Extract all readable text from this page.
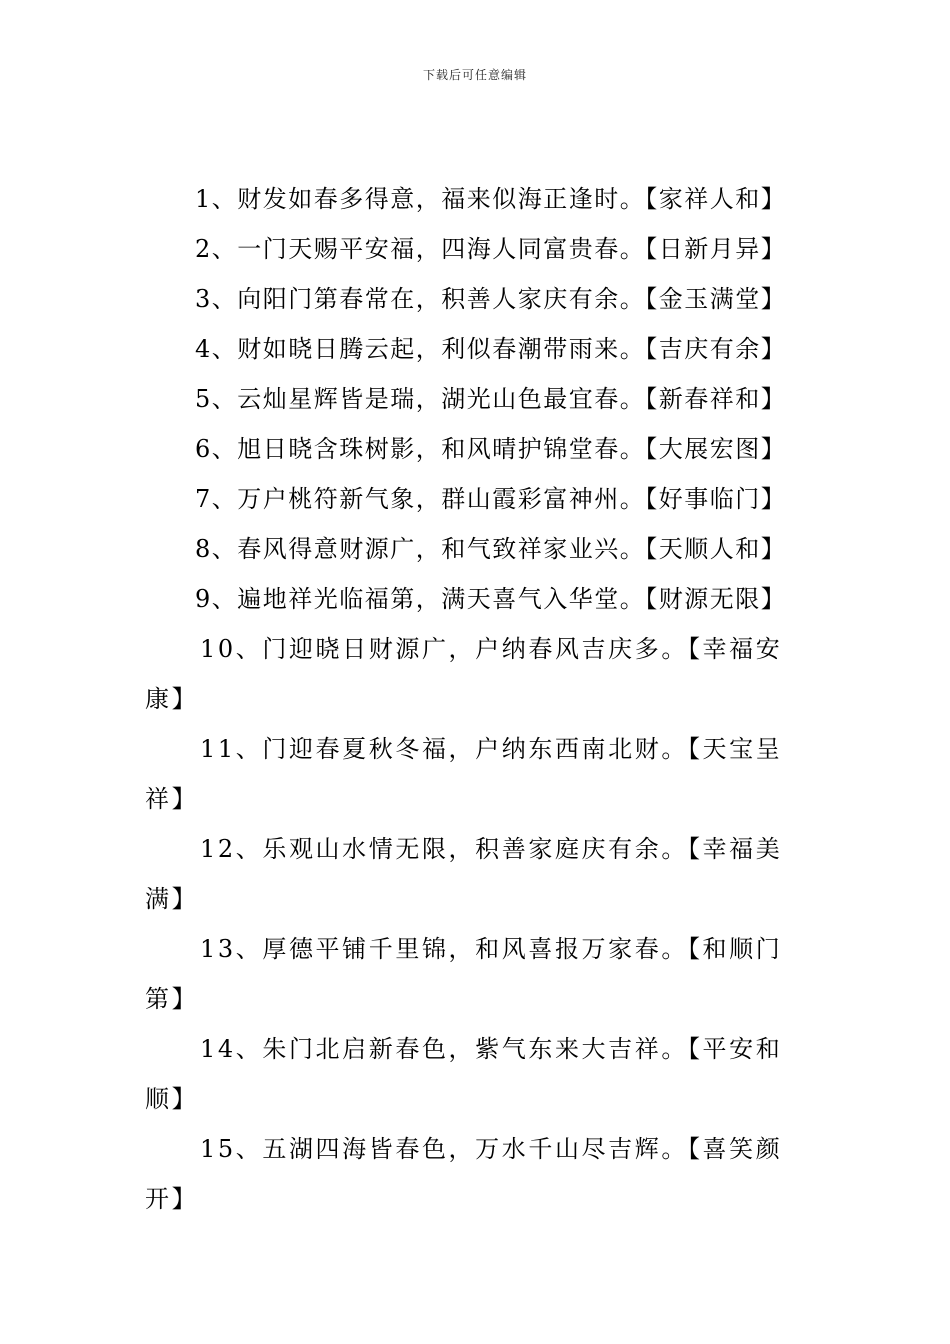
下载后可任意编辑
1、财发如春多得意，福来似海正逢时。【家祥人和】
2、一门天赐平安福，四海人同富贵春。【日新月异】
3、向阳门第春常在，积善人家庆有余。【金玉满堂】
4、财如晓日腾云起，利似春潮带雨来。【吉庆有余】
5、云灿星辉皆是瑞，湖光山色最宜春。【新春祥和】
6、旭日晓含珠树影，和风晴护锦堂春。【大展宏图】
7、万户桃符新气象，群山霞彩富神州。【好事临门】
8、春风得意财源广，和气致祥家业兴。【天顺人和】
9、遍地祥光临福第，满天喜气入华堂。【财源无限】
10、门迎晓日财源广，户纳春风吉庆多。【幸福安康】
11、门迎春夏秋冬福，户纳东西南北财。【天宝呈祥】
12、乐观山水情无限，积善家庭庆有余。【幸福美满】
13、厚德平铺千里锦，和风喜报万家春。【和顺门第】
14、朱门北启新春色，紫气东来大吉祥。【平安和顺】
15、五湖四海皆春色，万水千山尽吉辉。【喜笑颜开】
